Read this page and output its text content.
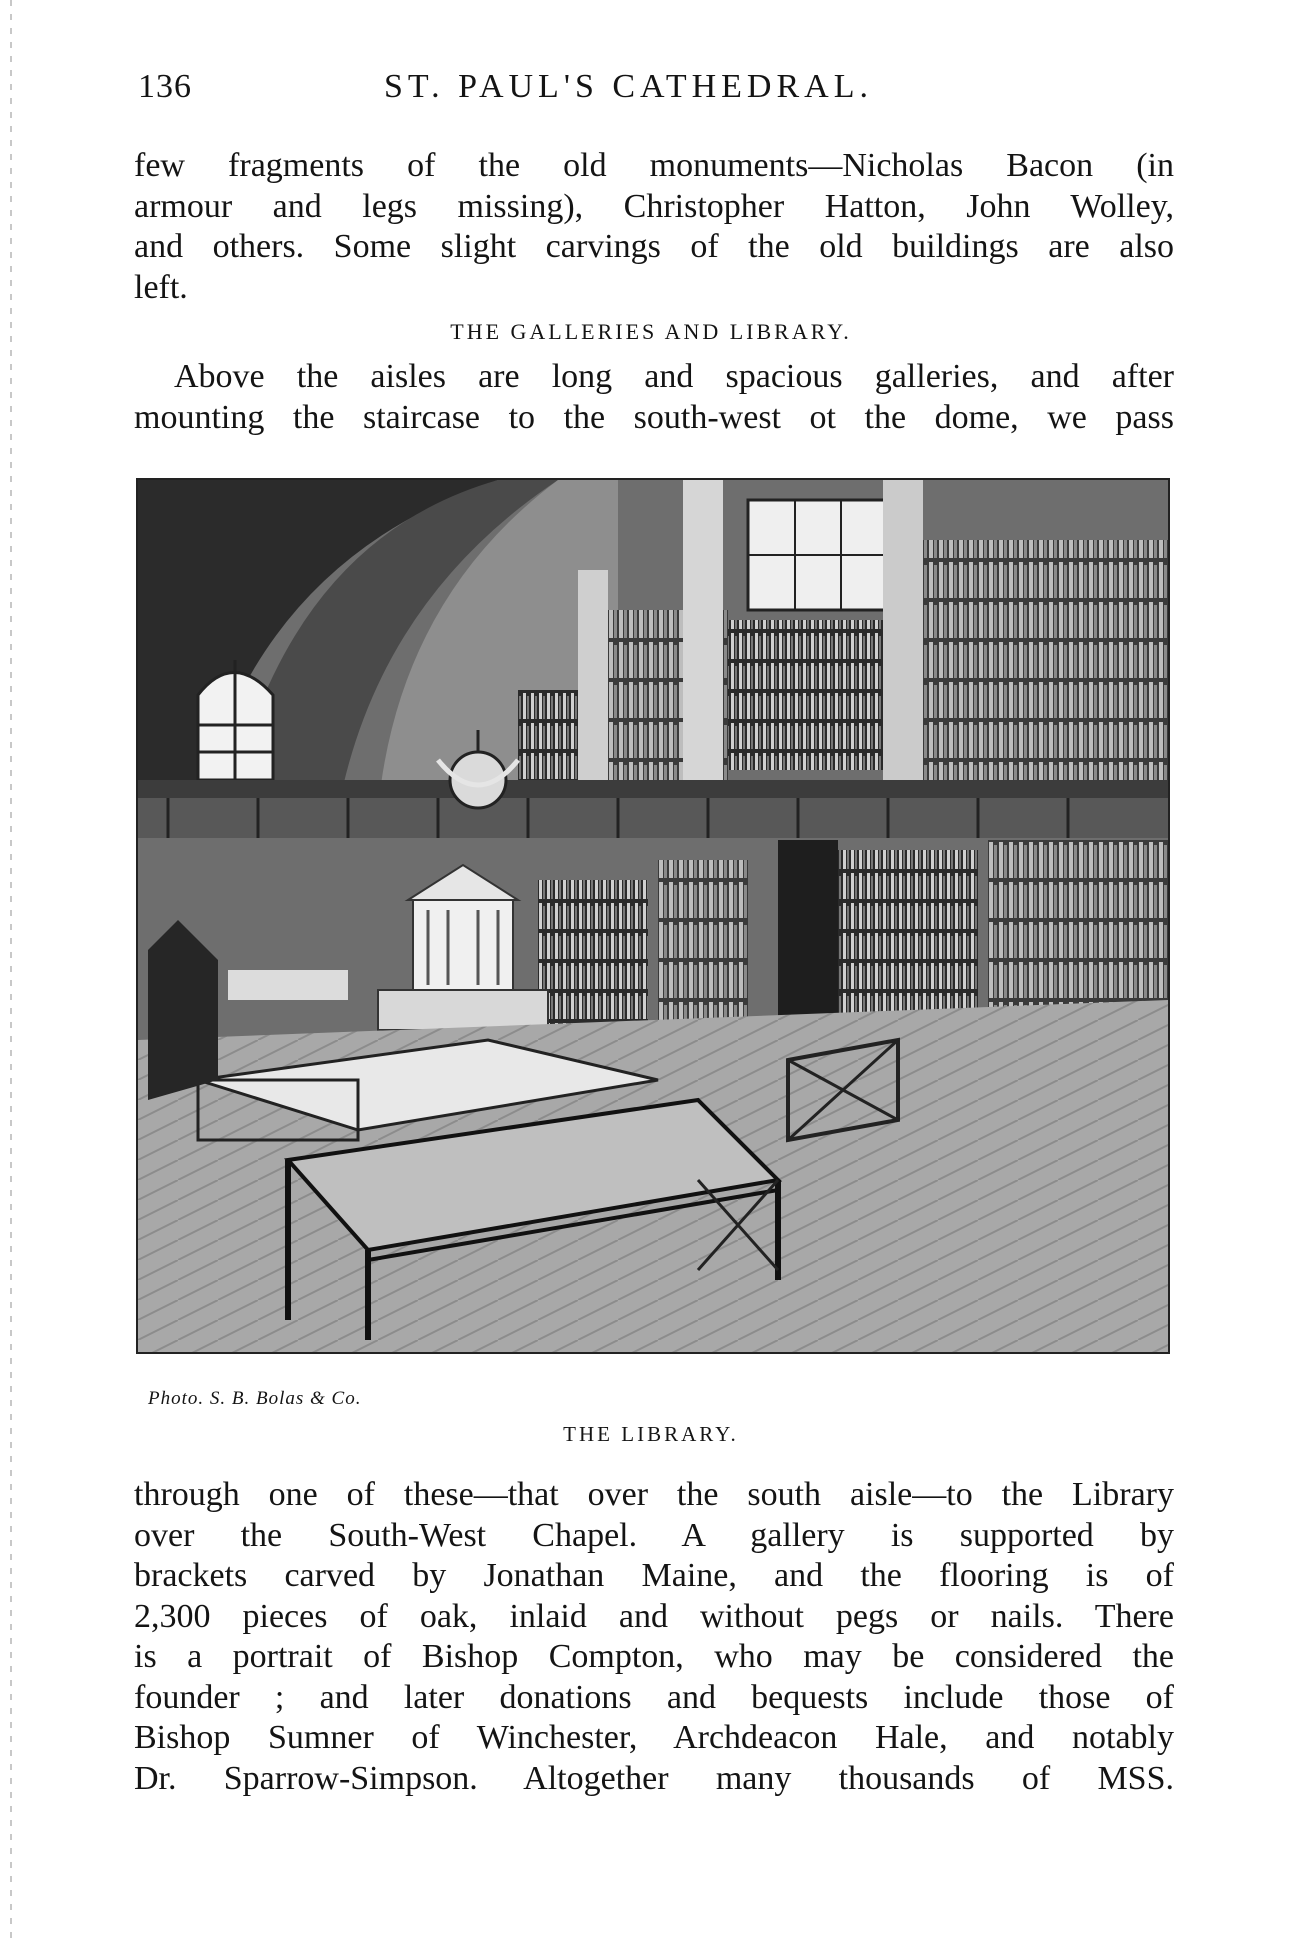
136	ST. PAUL'S CATHEDRAL.
few fragments of the old monuments—Nicholas Bacon (in
armour and legs missing), Christopher Hatton, John Wolley,
and others. Some slight carvings of the old buildings are also
left.
THE GALLERIES AND LIBRARY.
Above the aisles are long and spacious galleries, and after
mounting the staircase to the south-west ot the dome, we pass
Photo. S. B. Bolas & Co.
THE LIBRARY.
through one of these—that over the south aisle—to the Library
over the South-West Chapel. A gallery is supported by
brackets carved by Jonathan Maine, and the flooring is of
2,300 pieces of oak, inlaid and without pegs or nails. There
is a portrait of Bishop Compton, who may be considered the
founder ; and later donations and bequests include those of
Bishop Sumner of Winchester, Archdeacon Hale, and notably
Dr. Sparrow-Simpson. Altogether many thousands of MSS.
